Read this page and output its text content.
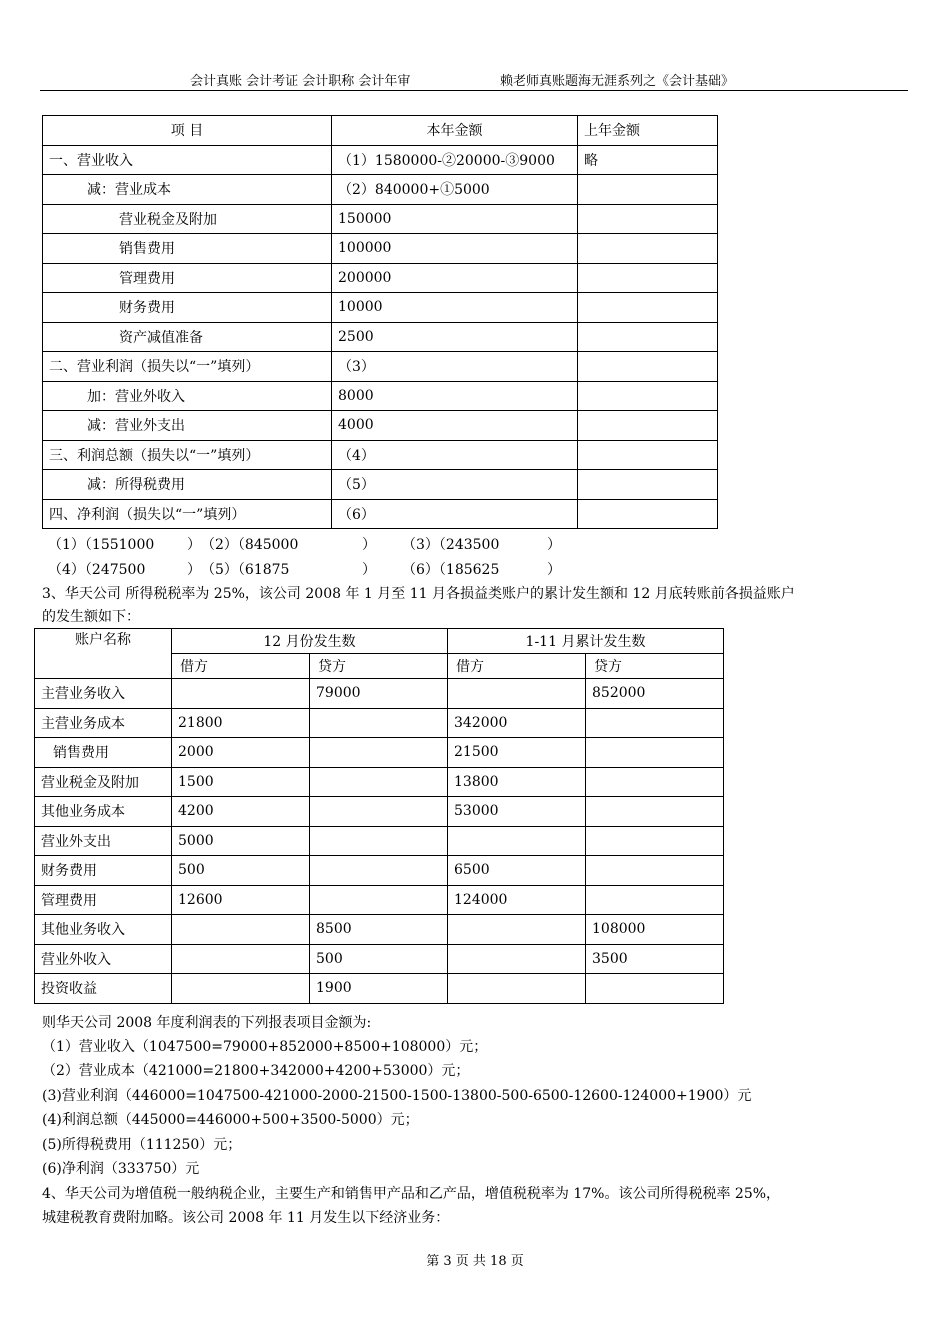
会计真账 会计考证 会计职称 会计年审	赖老师真账题海无涯系列之《会计基础》
项 目	本年金额	上年金额
一、营业收入	（1）1580000-②20000-③9000	略
减：营业成本	（2）840000+①5000	
营业税金及附加	150000	
销售费用	100000	
管理费用	200000	
财务费用	10000	
资产减值准备	2500	
二、营业利润（损失以“一”填列）	（3）	
加：营业外收入	8000	
减：营业外支出	4000	
三、利润总额（损失以“一”填列）	（4）	
减：所得税费用	（5）	
四、净利润（损失以“一”填列）	（6）	
（1）（1551000 ） （2）（845000	） （3）（243500	）
（4）（247500	） （5）（61875	） （6）（185625	）
3、华天公司 所得税税率为 25%，该公司 2008 年 1 月至 11 月各损益类账户的累计发生额和 12 月底转账前各损益账户
的发生额如下：
账户名称	12 月份发生数		1-11 月累计发生数	
	借方	贷方	借方	贷方
主营业务收入		79000		852000
主营业务成本	21800		342000	
销售费用	2000		21500	
营业税金及附加	1500		13800	
其他业务成本	4200		53000	
营业外支出	5000			
财务费用	500		6500	
管理费用	12600		124000	
其他业务收入		8500		108000
营业外收入		500		3500
投资收益		1900		
则华天公司 2008 年度利润表的下列报表项目金额为:
（1）营业收入（1047500=79000+852000+8500+108000）元；
（2）营业成本（421000=21800+342000+4200+53000）元；
(3)营业利润（446000=1047500-421000-2000-21500-1500-13800-500-6500-12600-124000+1900）元
(4)利润总额（445000=446000+500+3500-5000）元；
(5)所得税费用（111250）元；
(6)净利润（333750）元
4、华天公司为增值税一般纳税企业，主要生产和销售甲产品和乙产品，增值税税率为 17%。该公司所得税税率 25%，
城建税教育费附加略。该公司 2008 年 11 月发生以下经济业务：
第 3 页 共 18 页
